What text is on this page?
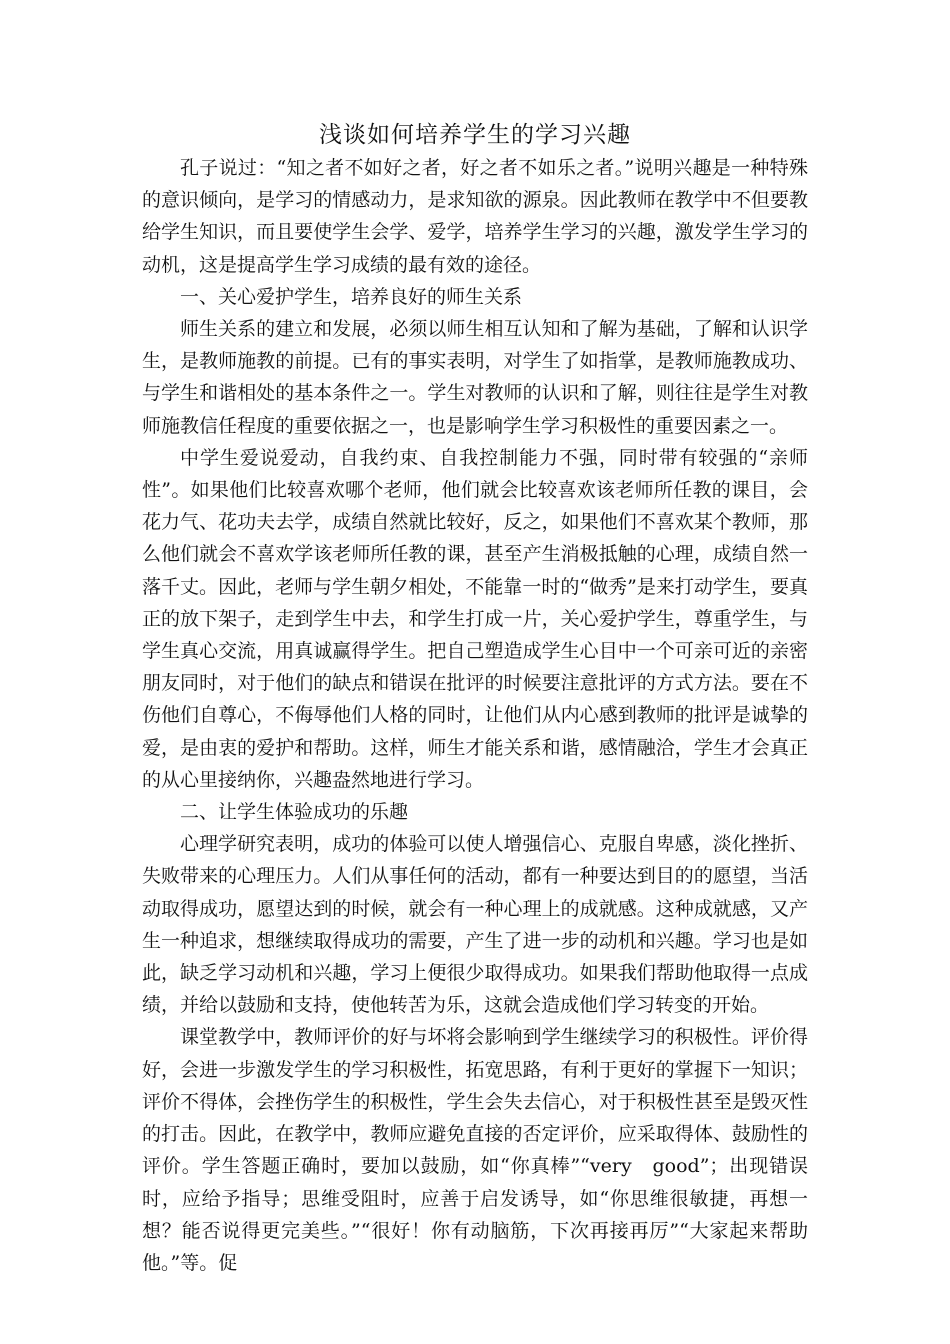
浅谈如何培养学生的学习兴趣

孔子说过：“知之者不如好之者，好之者不如乐之者。”说明兴趣是一种特殊的意识倾向，是学习的情感动力，是求知欲的源泉。因此教师在教学中不但要教给学生知识，而且要使学生会学、爱学，培养学生学习的兴趣，激发学生学习的动机，这是提高学生学习成绩的最有效的途径。

一、关心爱护学生，培养良好的师生关系

师生关系的建立和发展，必须以师生相互认知和了解为基础，了解和认识学生，是教师施教的前提。已有的事实表明，对学生了如指掌，是教师施教成功、与学生和谐相处的基本条件之一。学生对教师的认识和了解，则往往是学生对教师施教信任程度的重要依据之一，也是影响学生学习积极性的重要因素之一。

中学生爱说爱动，自我约束、自我控制能力不强，同时带有较强的“亲师性”。如果他们比较喜欢哪个老师，他们就会比较喜欢该老师所任教的课目，会花力气、花功夫去学，成绩自然就比较好，反之，如果他们不喜欢某个教师，那么他们就会不喜欢学该老师所任教的课，甚至产生消极抵触的心理，成绩自然一落千丈。因此，老师与学生朝夕相处，不能靠一时的“做秀”是来打动学生，要真正的放下架子，走到学生中去，和学生打成一片，关心爱护学生，尊重学生，与学生真心交流，用真诚赢得学生。把自己塑造成学生心目中一个可亲可近的亲密朋友同时，对于他们的缺点和错误在批评的时候要注意批评的方式方法。要在不伤他们自尊心，不侮辱他们人格的同时，让他们从内心感到教师的批评是诚挚的爱，是由衷的爱护和帮助。这样，师生才能关系和谐，感情融洽，学生才会真正的从心里接纳你，兴趣盎然地进行学习。

二、让学生体验成功的乐趣

心理学研究表明，成功的体验可以使人增强信心、克服自卑感，淡化挫折、失败带来的心理压力。人们从事任何的活动，都有一种要达到目的的愿望，当活动取得成功，愿望达到的时候，就会有一种心理上的成就感。这种成就感，又产生一种追求，想继续取得成功的需要，产生了进一步的动机和兴趣。学习也是如此，缺乏学习动机和兴趣，学习上便很少取得成功。如果我们帮助他取得一点成绩，并给以鼓励和支持，使他转苦为乐，这就会造成他们学习转变的开始。

课堂教学中，教师评价的好与坏将会影响到学生继续学习的积极性。评价得好，会进一步激发学生的学习积极性，拓宽思路，有利于更好的掌握下一知识；评价不得体，会挫伤学生的积极性，学生会失去信心，对于积极性甚至是毁灭性的打击。因此，在教学中，教师应避免直接的否定评价，应采取得体、鼓励性的评价。学生答题正确时，要加以鼓励，如“你真棒”“very　good”；出现错误时，应给予指导；思维受阻时，应善于启发诱导，如“你思维很敏捷，再想一想？能否说得更完美些。”“很好！你有动脑筋，下次再接再厉”“大家起来帮助他。”等。促
